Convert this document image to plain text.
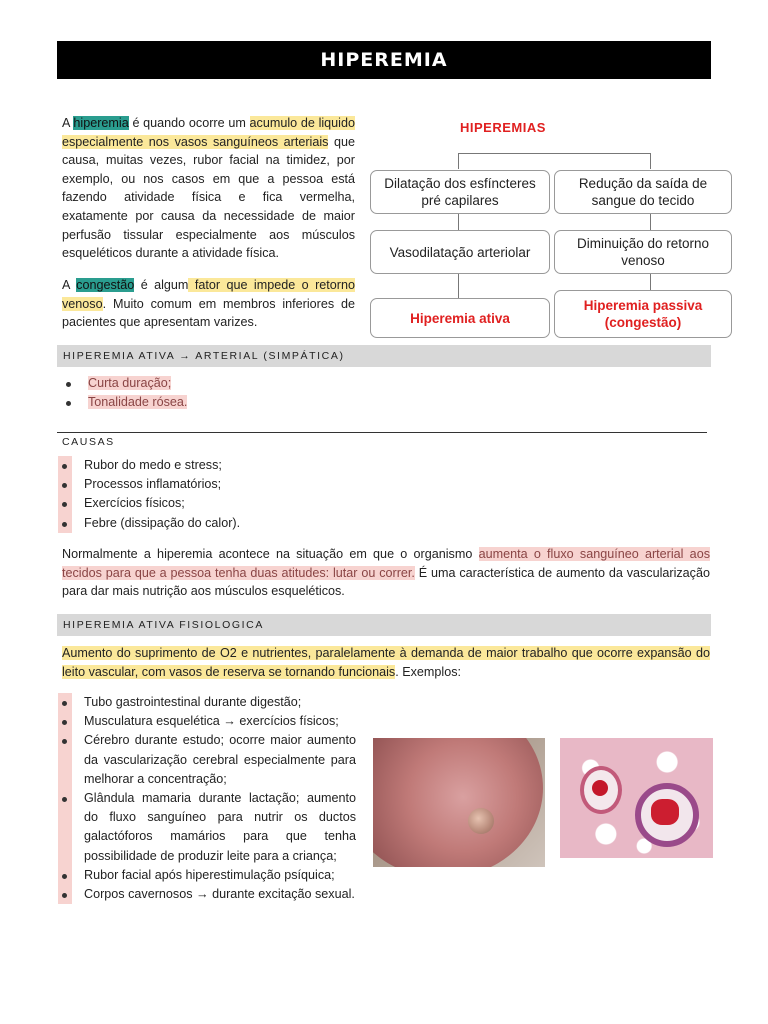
HIPEREMIA

A hiperemia é quando ocorre um acumulo de liquido especialmente nos vasos sanguíneos arteriais que causa, muitas vezes, rubor facial na timidez, por exemplo, ou nos casos em que a pessoa está fazendo atividade física e fica vermelha, exatamente por causa da necessidade de maior perfusão tissular especialmente aos músculos esqueléticos durante a atividade física.

A congestão é algum fator que impede o retorno venoso. Muito comum em membros inferiores de pacientes que apresentam varizes.

HIPEREMIAS
Dilatação dos esfíncteres pré capilares
Redução da saída de sangue do tecido
Vasodilatação arteriolar
Diminuição do retorno venoso
Hiperemia ativa
Hiperemia passiva (congestão)
HIPEREMIA ATIVA → ARTERIAL (SIMPÁTICA)
Curta duração;
Tonalidade rósea.
CAUSAS
Rubor do medo e stress;
Processos inflamatórios;
Exercícios físicos;
Febre (dissipação do calor).

Normalmente a hiperemia acontece na situação em que o organismo aumenta o fluxo sanguíneo arterial aos tecidos para que a pessoa tenha duas atitudes: lutar ou correr. É uma característica de aumento da vascularização para dar mais nutrição aos músculos esqueléticos.

HIPEREMIA ATIVA FISIOLOGICA

Aumento do suprimento de O2 e nutrientes, paralelamente à demanda de maior trabalho que ocorre expansão do leito vascular, com vasos de reserva se tornando funcionais. Exemplos:

Tubo gastrointestinal durante digestão;
Musculatura esquelética → exercícios físicos;
Cérebro durante estudo; ocorre maior aumento da vascularização cerebral especialmente para melhorar a concentração;
Glândula mamaria durante lactação; aumento do fluxo sanguíneo para nutrir os ductos galactóforos mamários para que tenha possibilidade de produzir leite para a criança;
Rubor facial após hiperestimulação psíquica;
Corpos cavernosos → durante excitação sexual.
